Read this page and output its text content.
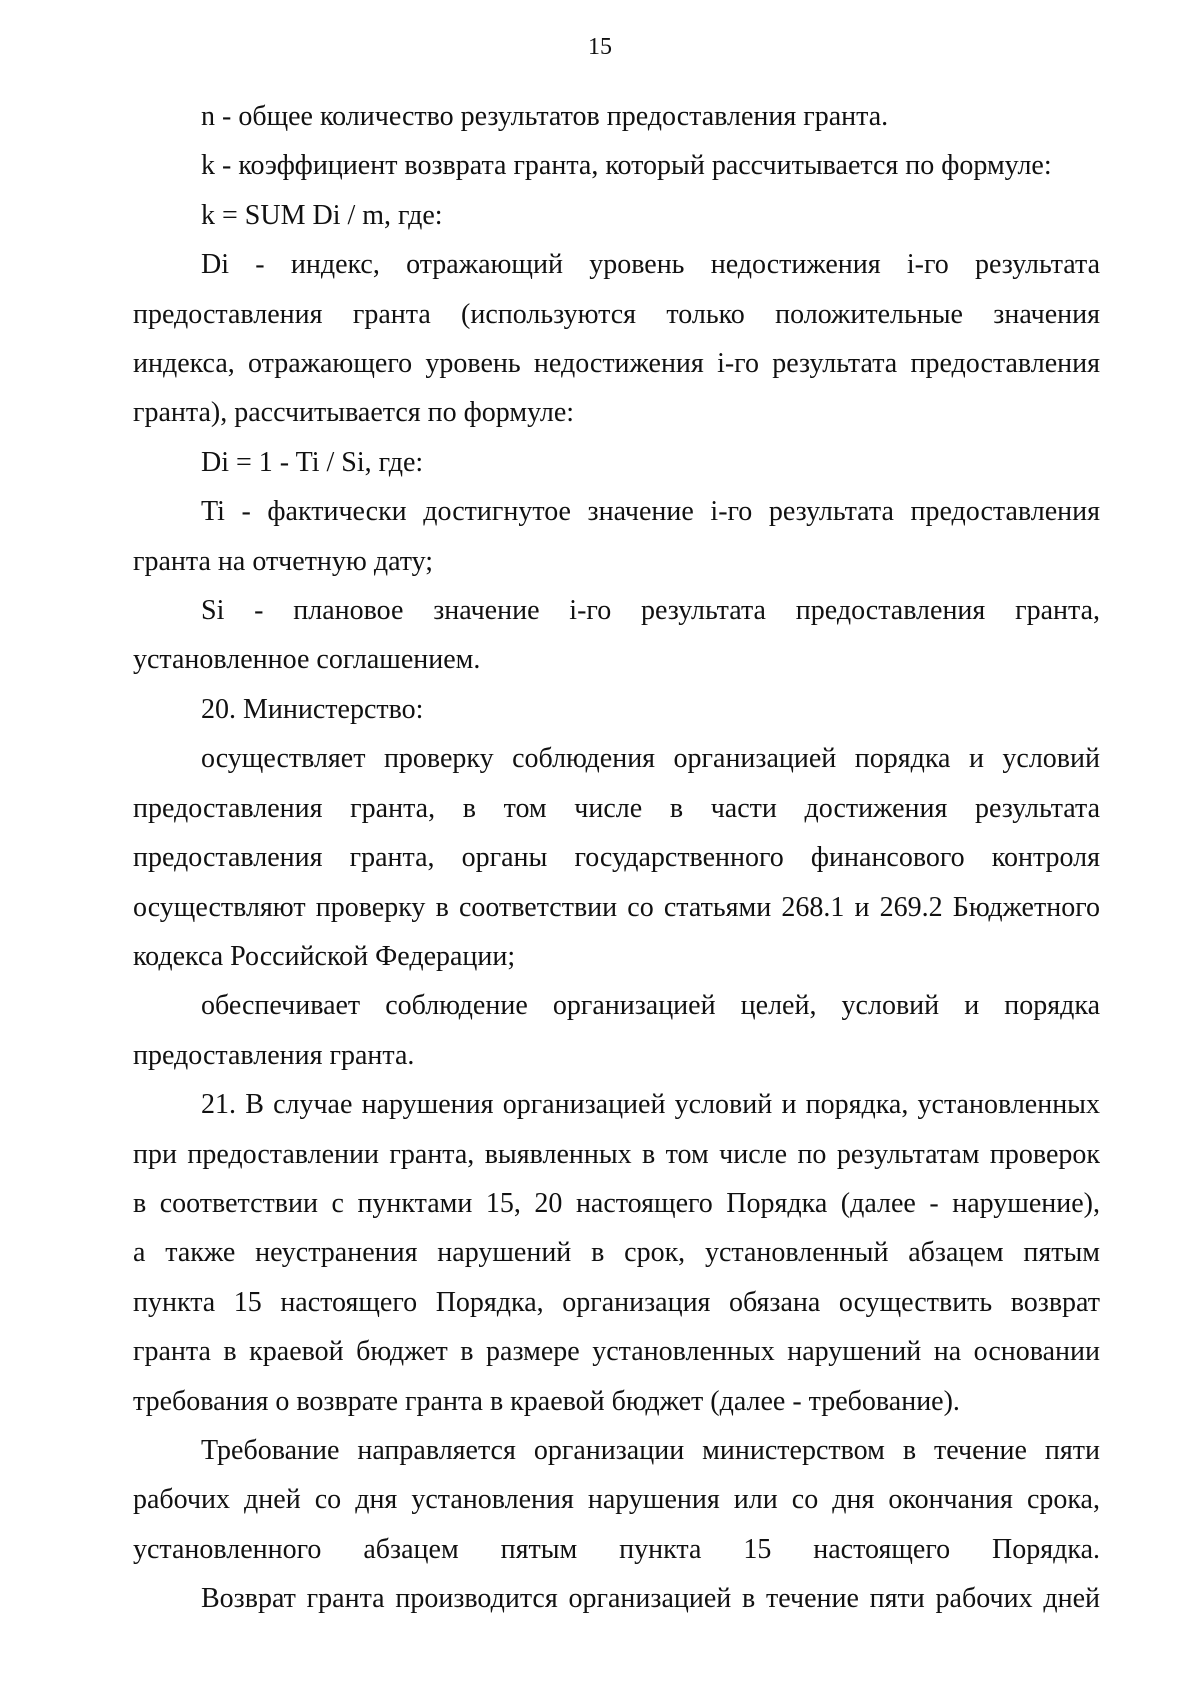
15

n - общее количество результатов предоставления гранта.

k - коэффициент возврата гранта, который рассчитывается по формуле:

k = SUM Di / m, где:

Di - индекс, отражающий уровень недостижения i-го результата
предоставления гранта (используются только положительные значения
индекса, отражающего уровень недостижения i-го результата предоставления
гранта), рассчитывается по формуле:

Di = 1 - Ti / Si, где:

Ti - фактически достигнутое значение i-го результата предоставления
гранта на отчетную дату;

Si - плановое значение i-го результата предоставления гранта,
установленное соглашением.

20. Министерство:

осуществляет проверку соблюдения организацией порядка и условий
предоставления гранта, в том числе в части достижения результата
предоставления гранта, органы государственного финансового контроля
осуществляют проверку в соответствии со статьями 268.1 и 269.2 Бюджетного
кодекса Российской Федерации;

обеспечивает соблюдение организацией целей, условий и порядка
предоставления гранта.

21. В случае нарушения организацией условий и порядка, установленных
при предоставлении гранта, выявленных в том числе по результатам проверок
в соответствии с пунктами 15, 20 настоящего Порядка (далее - нарушение),
а также неустранения нарушений в срок, установленный абзацем пятым
пункта 15 настоящего Порядка, организация обязана осуществить возврат
гранта в краевой бюджет в размере установленных нарушений на основании
требования о возврате гранта в краевой бюджет (далее - требование).

Требование направляется организации министерством в течение пяти
рабочих дней со дня установления нарушения или со дня окончания срока,
установленного абзацем пятым пункта 15 настоящего Порядка.

Возврат гранта производится организацией в течение пяти рабочих дней
